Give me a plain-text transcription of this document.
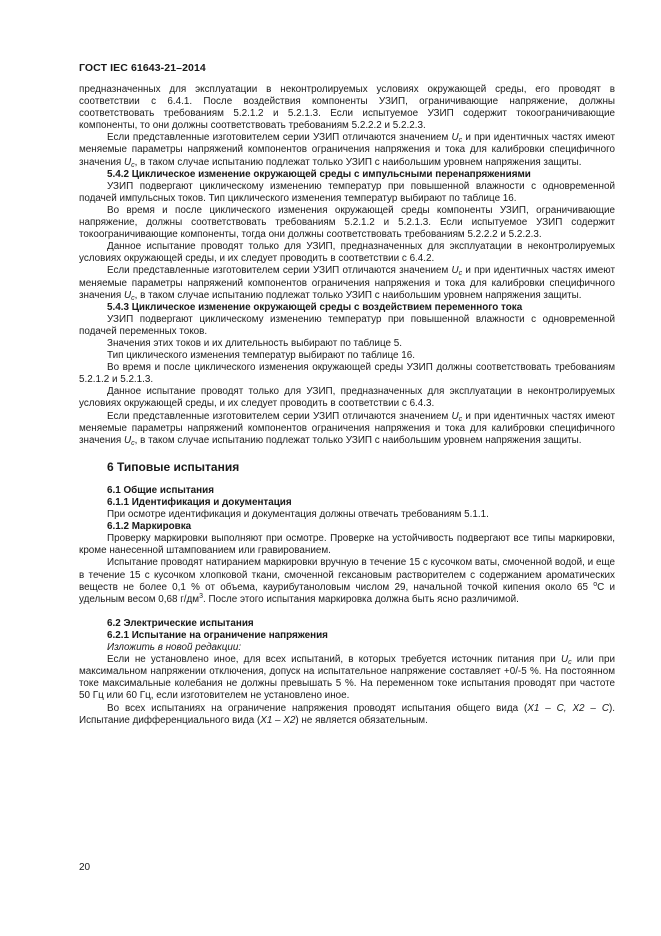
ГОСТ IEC 61643-21–2014

предназначенных для эксплуатации в неконтролируемых условиях окружающей среды, его проводят в соответствии с 6.4.1. После воздействия компоненты УЗИП, ограничивающие напряжение, должны соответствовать требованиям 5.2.1.2 и 5.2.1.3. Если испытуемое УЗИП содержит токоограничивающие компоненты, то они должны соответствовать требованиям 5.2.2.2 и 5.2.2.3.

Если представленные изготовителем серии УЗИП отличаются значением $U_c$ и при идентичных частях имеют меняемые параметры напряжений компонентов ограничения напряжения и тока для калибровки специфичного значения $U_c$, в таком случае испытанию подлежат только УЗИП с наибольшим уровнем напряжения защиты.

5.4.2 Циклическое изменение окружающей среды с импульсными перенапряжениями

УЗИП подвергают циклическому изменению температур при повышенной влажности с одновременной подачей импульсных токов. Тип циклического изменения температур выбирают по таблице 16.

Во время и после циклического изменения окружающей среды компоненты УЗИП, ограничивающие напряжение, должны соответствовать требованиям 5.2.1.2 и 5.2.1.3. Если испытуемое УЗИП содержит токоограничивающие компоненты, тогда они должны соответствовать требованиям 5.2.2.2 и 5.2.2.3.

Данное испытание проводят только для УЗИП, предназначенных для эксплуатации в неконтролируемых условиях окружающей среды, и их следует проводить в соответствии с 6.4.2.

Если представленные изготовителем серии УЗИП отличаются значением $U_c$ и при идентичных частях имеют меняемые параметры напряжений компонентов ограничения напряжения и тока для калибровки специфичного значения $U_c$, в таком случае испытанию подлежат только УЗИП с наибольшим уровнем напряжения защиты.

5.4.3 Циклическое изменение окружающей среды с воздействием переменного тока

УЗИП подвергают циклическому изменению температур при повышенной влажности с одновременной подачей переменных токов.

Значения этих токов и их длительность выбирают по таблице 5.

Тип циклического изменения температур выбирают по таблице 16.

Во время и после циклического изменения окружающей среды УЗИП должны соответствовать требованиям 5.2.1.2 и 5.2.1.3.

Данное испытание проводят только для УЗИП, предназначенных для эксплуатации в неконтролируемых условиях окружающей среды, и их следует проводить в соответствии с 6.4.3.

Если представленные изготовителем серии УЗИП отличаются значением $U_c$ и при идентичных частях имеют меняемые параметры напряжений компонентов ограничения напряжения и тока для калибровки специфичного значения $U_c$, в таком случае испытанию подлежат только УЗИП с наибольшим уровнем напряжения защиты.

6 Типовые испытания

6.1 Общие испытания

6.1.1 Идентификация и документация

При осмотре идентификация и документация должны отвечать требованиям 5.1.1.

6.1.2 Маркировка

Проверку маркировки выполняют при осмотре. Проверке на устойчивость подвергают все типы маркировки, кроме нанесенной штампованием или гравированием.

Испытание проводят натиранием маркировки вручную в течение 15 с кусочком ваты, смоченной водой, и еще в течение 15 с кусочком хлопковой ткани, смоченной гексановым растворителем с содержанием ароматических веществ не более 0,1 % от объема, каурибутаноловым числом 29, начальной точкой кипения около 65 $^о$С и удельным весом 0,68 $г/дм^3$. После этого испытания маркировка должна быть ясно различимой.

6.2 Электрические испытания

6.2.1 Испытание на ограничение напряжения

Изложить в новой редакции:

Если не установлено иное, для всех испытаний, в которых требуется источник питания при $U_c$ или при максимальном напряжении отключения, допуск на испытательное напряжение составляет +0/-5 %. На постоянном токе максимальные колебания не должны превышать 5 %. На переменном токе испытания проводят при частоте 50 Гц или 60 Гц, если изготовителем не установлено иное.

Во всех испытаниях на ограничение напряжения проводят испытания общего вида (X1 – C, X2 – C). Испытание дифференциального вида (X1 – X2) не является обязательным.

20
